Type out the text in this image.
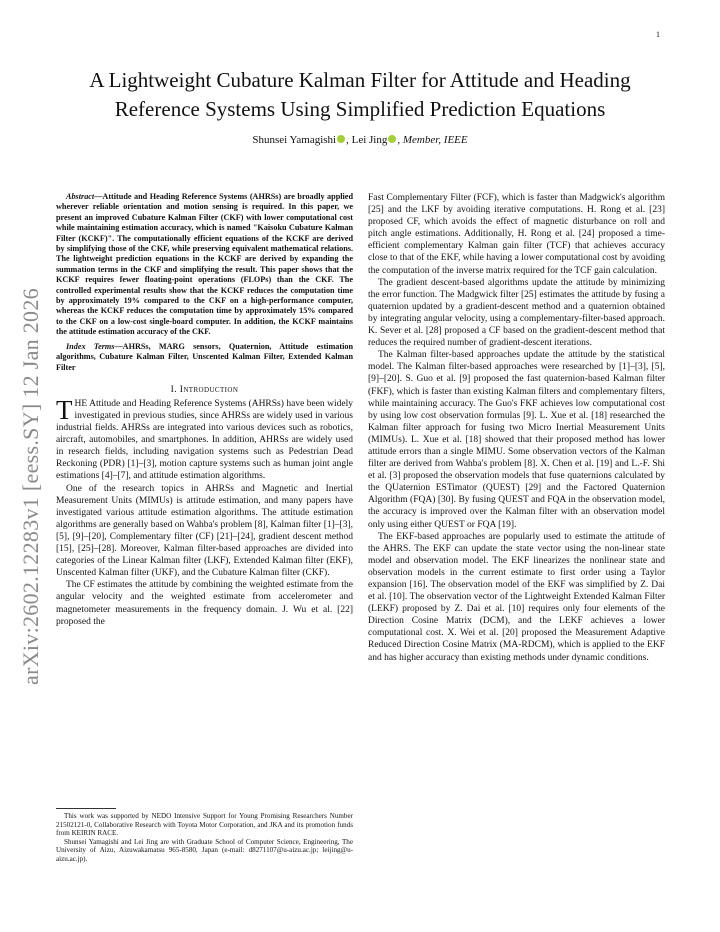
1
arXiv:2602.12283v1 [eess.SY] 12 Jan 2026
A Lightweight Cubature Kalman Filter for Attitude and Heading Reference Systems Using Simplified Prediction Equations
Shunsei Yamagishi , Lei Jing , Member, IEEE

Abstract—Attitude and Heading Reference Systems (AHRSs) are broadly applied wherever reliable orientation and motion sensing is required. In this paper, we present an improved Cubature Kalman Filter (CKF) with lower computational cost while maintaining estimation accuracy, which is named "Kaisoku Cubature Kalman Filter (KCKF)". The computationally efficient equations of the KCKF are derived by simplifying those of the CKF, while preserving equivalent mathematical relations. The lightweight prediction equations in the KCKF are derived by expanding the summation terms in the CKF and simplifying the result. This paper shows that the KCKF requires fewer floating-point operations (FLOPs) than the CKF. The controlled experimental results show that the KCKF reduces the computation time by approximately 19% compared to the CKF on a high-performance computer, whereas the KCKF reduces the computation time by approximately 15% compared to the CKF on a low-cost single-board computer. In addition, the KCKF maintains the attitude estimation accuracy of the CKF.

Index Terms—AHRSs, MARG sensors, Quaternion, Attitude estimation algorithms, Cubature Kalman Filter, Unscented Kalman Filter, Extended Kalman Filter

I. Introduction

THE Attitude and Heading Reference Systems (AHRSs) have been widely investigated in previous studies, since AHRSs are widely used in various industrial fields. AHRSs are integrated into various devices such as robotics, aircraft, automobiles, and smartphones. In addition, AHRSs are widely used in research fields, including navigation systems such as Pedestrian Dead Reckoning (PDR) [1]–[3], motion capture systems such as human joint angle estimations [4]–[7], and attitude estimation algorithms.

One of the research topics in AHRSs and Magnetic and Inertial Measurement Units (MIMUs) is attitude estimation, and many papers have investigated various attitude estimation algorithms. The attitude estimation algorithms are generally based on Wahba's problem [8], Kalman filter [1]–[3], [5], [9]–[20], Complementary filter (CF) [21]–[24], gradient descent method [15], [25]–[28]. Moreover, Kalman filter-based approaches are divided into categories of the Linear Kalman filter (LKF), Extended Kalman filter (EKF), Unscented Kalman filter (UKF), and the Cubature Kalman filter (CKF).

The CF estimates the attitude by combining the weighted estimate from the angular velocity and the weighted estimate from accelerometer and magnetometer measurements in the frequency domain. J. Wu et al. [22] proposed the

Fast Complementary Filter (FCF), which is faster than Madgwick's algorithm [25] and the LKF by avoiding iterative computations. H. Rong et al. [23] proposed CF, which avoids the effect of magnetic disturbance on roll and pitch angle estimations. Additionally, H. Rong et al. [24] proposed a time-efficient complementary Kalman gain filter (TCF) that achieves accuracy close to that of the EKF, while having a lower computational cost by avoiding the computation of the inverse matrix required for the TCF gain calculation.

The gradient descent-based algorithms update the attitude by minimizing the error function. The Madgwick filter [25] estimates the attitude by fusing a quaternion updated by a gradient-descent method and a quaternion obtained by integrating angular velocity, using a complementary-filter-based approach. K. Sever et al. [28] proposed a CF based on the gradient-descent method that reduces the required number of gradient-descent iterations.

The Kalman filter-based approaches update the attitude by the statistical model. The Kalman filter-based approaches were researched by [1]–[3], [5], [9]–[20]. S. Guo et al. [9] proposed the fast quaternion-based Kalman filter (FKF), which is faster than existing Kalman filters and complementary filters, while maintaining accuracy. The Guo's FKF achieves low computational cost by using low cost observation formulas [9]. L. Xue et al. [18] researched the Kalman filter approach for fusing two Micro Inertial Measurement Units (MIMUs). L. Xue et al. [18] showed that their proposed method has lower attitude errors than a single MIMU. Some observation vectors of the Kalman filter are derived from Wahba's problem [8]. X. Chen et al. [19] and L.-F. Shi et al. [3] proposed the observation models that fuse quaternions calculated by the QUaternion ESTimator (QUEST) [29] and the Factored Quaternion Algorithm (FQA) [30]. By fusing QUEST and FQA in the observation model, the accuracy is improved over the Kalman filter with an observation model only using either QUEST or FQA [19].

The EKF-based approaches are popularly used to estimate the attitude of the AHRS. The EKF can update the state vector using the non-linear state model and observation model. The EKF linearizes the nonlinear state and observation models in the current estimate to first order using a Taylor expansion [16]. The observation model of the EKF was simplified by Z. Dai et al. [10]. The observation vector of the Lightweight Extended Kalman Filter (LEKF) proposed by Z. Dai et al. [10] requires only four elements of the Direction Cosine Matrix (DCM), and the LEKF achieves a lower computational cost. X. Wei et al. [20] proposed the Measurement Adaptive Reduced Direction Cosine Matrix (MA-RDCM), which is applied to the EKF and has higher accuracy than existing methods under dynamic conditions.

This work was supported by NEDO Intensive Support for Young Promising Researchers Number 21502121-0, Collaborative Research with Toyota Motor Corporation, and JKA and its promotion funds from KEIRIN RACE.

Shunsei Yamagishi and Lei Jing are with Graduate School of Computer Science, Engineering, The University of Aizu, Aizuwakamatsu 965-8580, Japan (e-mail: d8271107@u-aizu.ac.jp; leijing@u-aizu.ac.jp).
